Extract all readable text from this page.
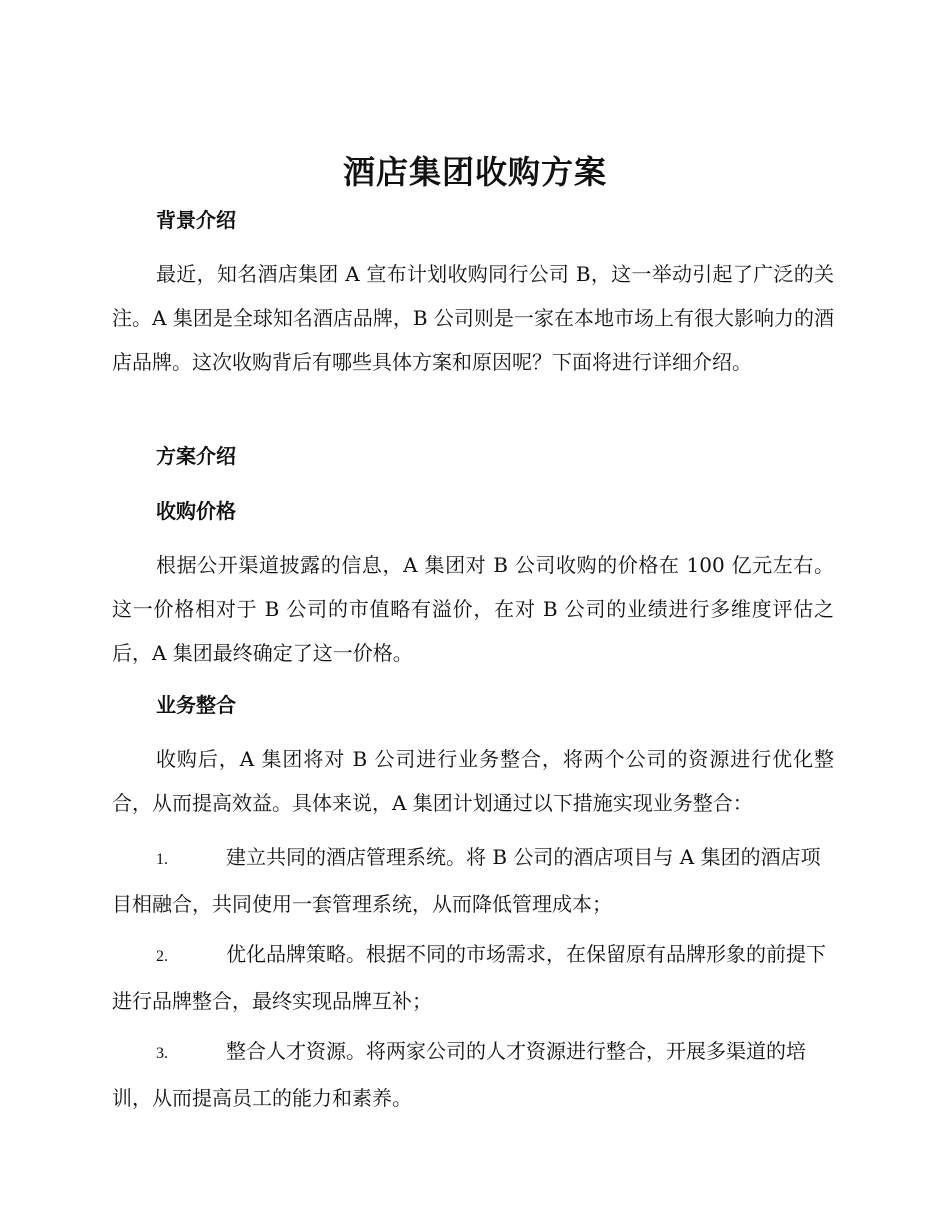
酒店集团收购方案
背景介绍

最近，知名酒店集团 A 宣布计划收购同行公司 B，这一举动引起了广泛的关注。A 集团是全球知名酒店品牌，B 公司则是一家在本地市场上有很大影响力的酒店品牌。这次收购背后有哪些具体方案和原因呢？下面将进行详细介绍。

方案介绍
收购价格

根据公开渠道披露的信息，A 集团对 B 公司收购的价格在 100 亿元左右。这一价格相对于 B 公司的市值略有溢价，在对 B 公司的业绩进行多维度评估之后，A 集团最终确定了这一价格。

业务整合

收购后，A 集团将对 B 公司进行业务整合，将两个公司的资源进行优化整合，从而提高效益。具体来说，A 集团计划通过以下措施实现业务整合：

1.	建立共同的酒店管理系统。将 B 公司的酒店项目与 A 集团的酒店项目相融合，共同使用一套管理系统，从而降低管理成本；

2.	优化品牌策略。根据不同的市场需求，在保留原有品牌形象的前提下进行品牌整合，最终实现品牌互补；

3.	整合人才资源。将两家公司的人才资源进行整合，开展多渠道的培训，从而提高员工的能力和素养。
